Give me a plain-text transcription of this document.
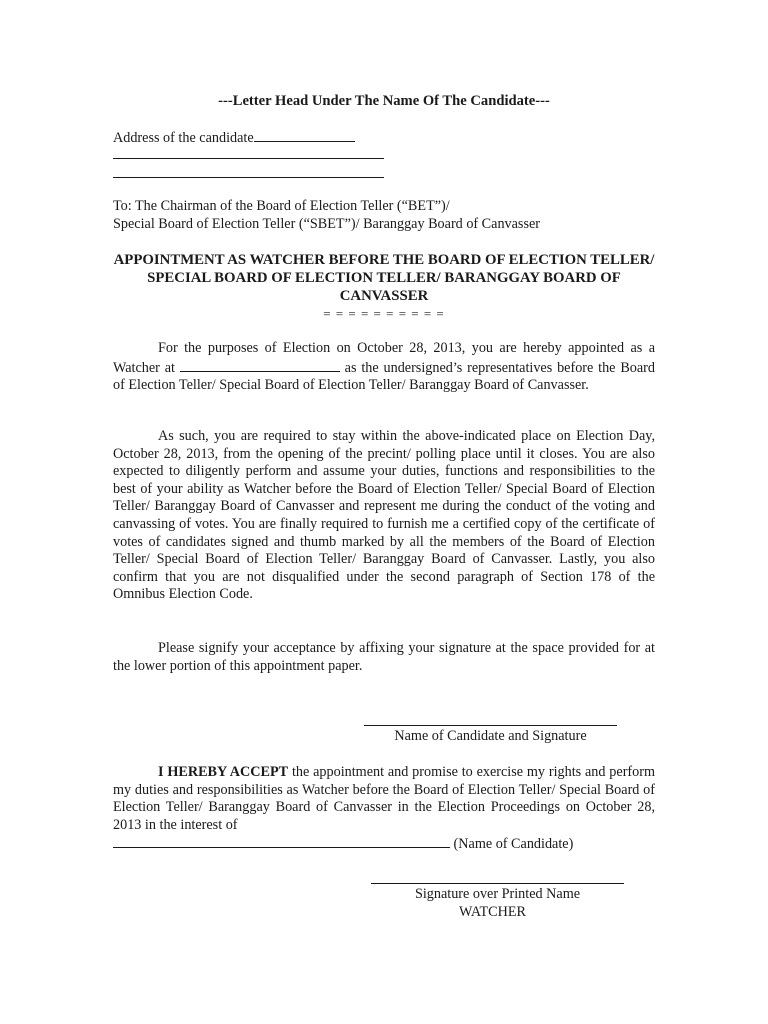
---Letter Head Under The Name Of The Candidate---
Address of the candidate
To: The Chairman of the Board of Election Teller (“BET”)/
Special Board of Election Teller (“SBET”)/ Baranggay Board of Canvasser
APPOINTMENT AS WATCHER BEFORE THE BOARD OF ELECTION TELLER/ SPECIAL BOARD OF ELECTION TELLER/ BARANGGAY BOARD OF CANVASSER
= = = = = = = = = =

For the purposes of Election on October 28, 2013, you are hereby appointed as a Watcher at	as the undersigned’s representatives before the Board of Election Teller/ Special Board of Election Teller/ Baranggay Board of Canvasser.

As such, you are required to stay within the above-indicated place on Election Day, October 28, 2013, from the opening of the precint/ polling place until it closes. You are also expected to diligently perform and assume your duties, functions and responsibilities to the best of your ability as Watcher before the Board of Election Teller/ Special Board of Election Teller/ Baranggay Board of Canvasser and represent me during the conduct of the voting and canvassing of votes. You are finally required to furnish me a certified copy of the certificate of votes of candidates signed and thumb marked by all the members of the Board of Election Teller/ Special Board of Election Teller/ Baranggay Board of Canvasser. Lastly, you also confirm that you are not disqualified under the second paragraph of Section 178 of the Omnibus Election Code.

Please signify your acceptance by affixing your signature at the space provided for at the lower portion of this appointment paper.

Name of Candidate and Signature

I HEREBY ACCEPT the appointment and promise to exercise my rights and perform my duties and responsibilities as Watcher before the Board of Election Teller/ Special Board of Election Teller/ Baranggay Board of Canvasser in the Election Proceedings on October 28, 2013 in the interest of

(Name of Candidate)
Signature over Printed Name
WATCHER
